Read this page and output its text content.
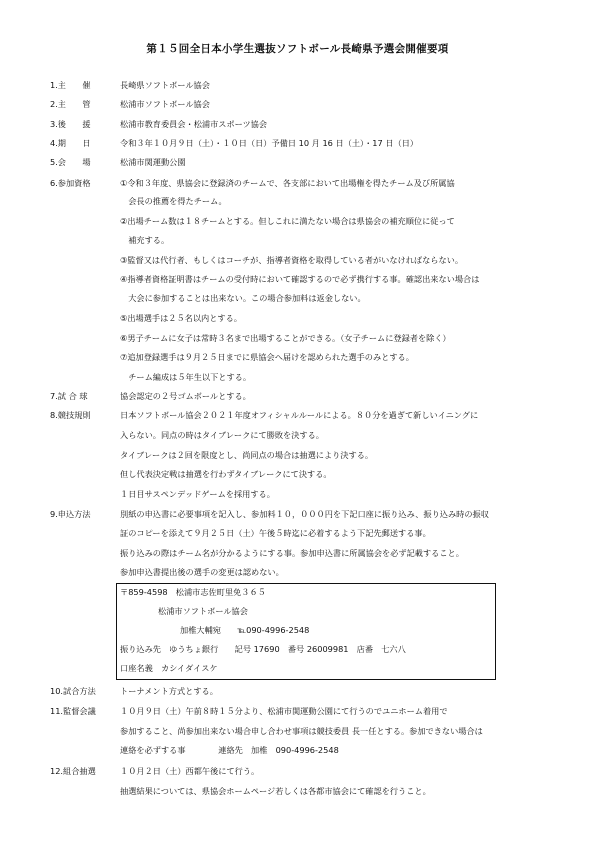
第１５回全日本小学生選抜ソフトボール長崎県予選会開催要項
1.主　　催	長崎県ソフトボール協会
2.主　　管	松浦市ソフトボール協会
3.後　　援	松浦市教育委員会・松浦市スポーツ協会
4.期　　日	令和３年１０月９日（土）・１０日（日）予備日 10 月 16 日（土）・17 日（日）
5.会　　場	松浦市関運動公園
6.参加資格	①令和３年度、県協会に登録済のチームで、各支部において出場権を得たチーム及び所属協
　会長の推薦を得たチーム。
②出場チーム数は１８チームとする。但しこれに満たない場合は県協会の補充順位に従って
　補充する。
③監督又は代行者、もしくはコーチが、指導者資格を取得している者がいなければならない。
④指導者資格証明書はチームの受付時において確認するので必ず携行する事。確認出来ない場合は
　大会に参加することは出来ない。この場合参加料は返金しない。
⑤出場選手は２５名以内とする。
⑥男子チームに女子は常時３名まで出場することができる。（女子チームに登録者を除く）
⑦追加登録選手は９月２５日までに県協会へ届けを認められた選手のみとする。
　チーム編成は５年生以下とする。
7.試 合 球	協会認定の２号ゴムボールとする。
8.競技規則	日本ソフトボール協会２０２１年度オフィシャルルールによる。８０分を過ぎて新しいイニングに
入らない。同点の時はタイブレークにて勝敗を決する。
タイブレークは２回を限度とし、尚同点の場合は抽選により決する。
但し代表決定戦は抽選を行わずタイブレークにて決する。
１日目サスペンデッドゲームを採用する。
9.申込方法	別紙の申込書に必要事項を記入し、参加料１０，０００円を下記口座に振り込み、振り込み時の振収
証のコピーを添えて９月２５日（土）午後５時迄に必着するよう下記先郵送する事。
振り込みの際はチーム名が分かるようにする事。参加申込書に所属協会を必ず記載すること。
参加申込書提出後の選手の変更は認めない。
〒859-4598　松浦市志佐町里免３６５
松浦市ソフトボール協会
加椎大輔宛　　℡090-4996-2548
振り込み先　ゆうちょ銀行　　記号 17690　番号 26009981　店番　七六八
口座名義　カシイダイスケ
10.試合方法	トーナメント方式とする。
11.監督会議	１０月９日（土）午前８時１５分より、松浦市関運動公園にて行うのでユニホーム着用で
参加すること、尚参加出来ない場合申し合わせ事項は競技委員 長一任とする。参加できない場合は
連絡を必ずする事　　　　連絡先　加椎　090-4996-2548
12.組合抽選	１０月２日（土）西都午後にて行う。
抽選結果については、県協会ホームページ若しくは各都市協会にて確認を行うこと。
